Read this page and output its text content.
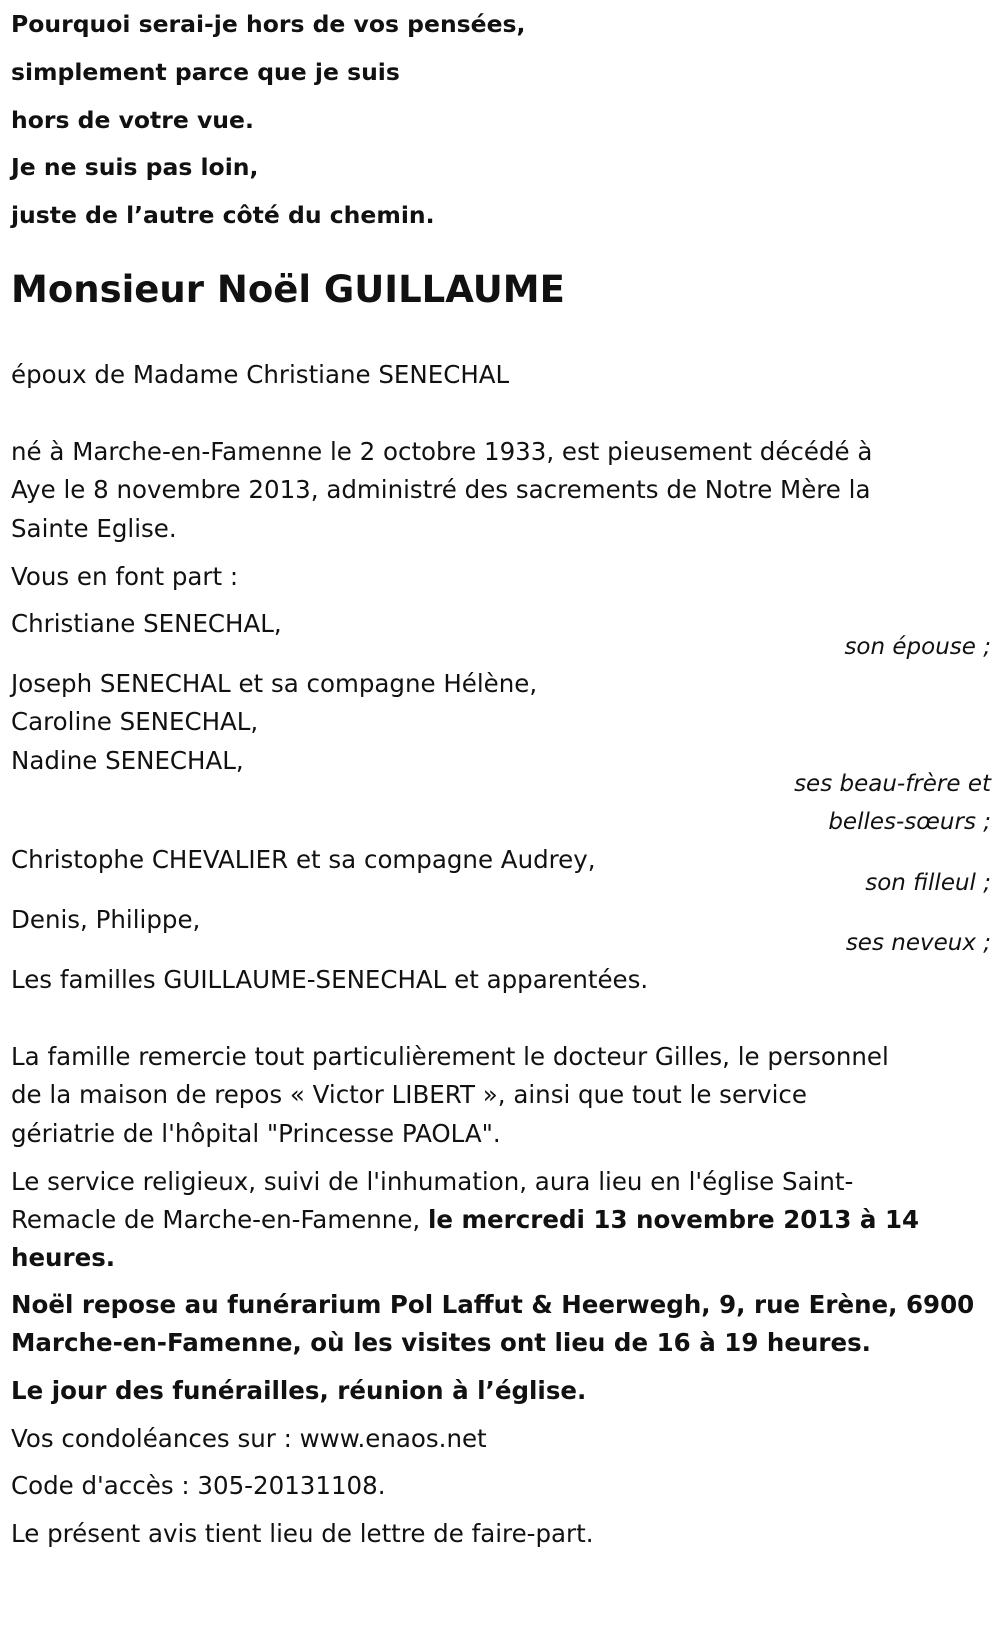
Pourquoi serai-je hors de vos pensées,
simplement parce que je suis
hors de votre vue.
Je ne suis pas loin,
juste de l’autre côté du chemin.
Monsieur Noël GUILLAUME
époux de Madame Christiane SENECHAL
né à Marche-en-Famenne le 2 octobre 1933, est pieusement décédé à
Aye le 8 novembre 2013, administré des sacrements de Notre Mère la
Sainte Eglise.
Vous en font part :
Christiane SENECHAL,
son épouse ;
Joseph SENECHAL et sa compagne Hélène,
Caroline SENECHAL,
Nadine SENECHAL,
ses beau-frère et
belles-sœurs ;
Christophe CHEVALIER et sa compagne Audrey,
son filleul ;
Denis, Philippe,
ses neveux ;
Les familles GUILLAUME-SENECHAL et apparentées.
La famille remercie tout particulièrement le docteur Gilles, le personnel
de la maison de repos « Victor LIBERT », ainsi que tout le service
gériatrie de l'hôpital "Princesse PAOLA".
Le service religieux, suivi de l'inhumation, aura lieu en l'église Saint-
Remacle de Marche-en-Famenne, le mercredi 13 novembre 2013 à 14
heures.
Noël repose au funérarium Pol Laffut & Heerwegh, 9, rue Erène, 6900
Marche-en-Famenne, où les visites ont lieu de 16 à 19 heures.
Le jour des funérailles, réunion à l’église.
Vos condoléances sur : www.enaos.net
Code d'accès : 305-20131108.
Le présent avis tient lieu de lettre de faire-part.
